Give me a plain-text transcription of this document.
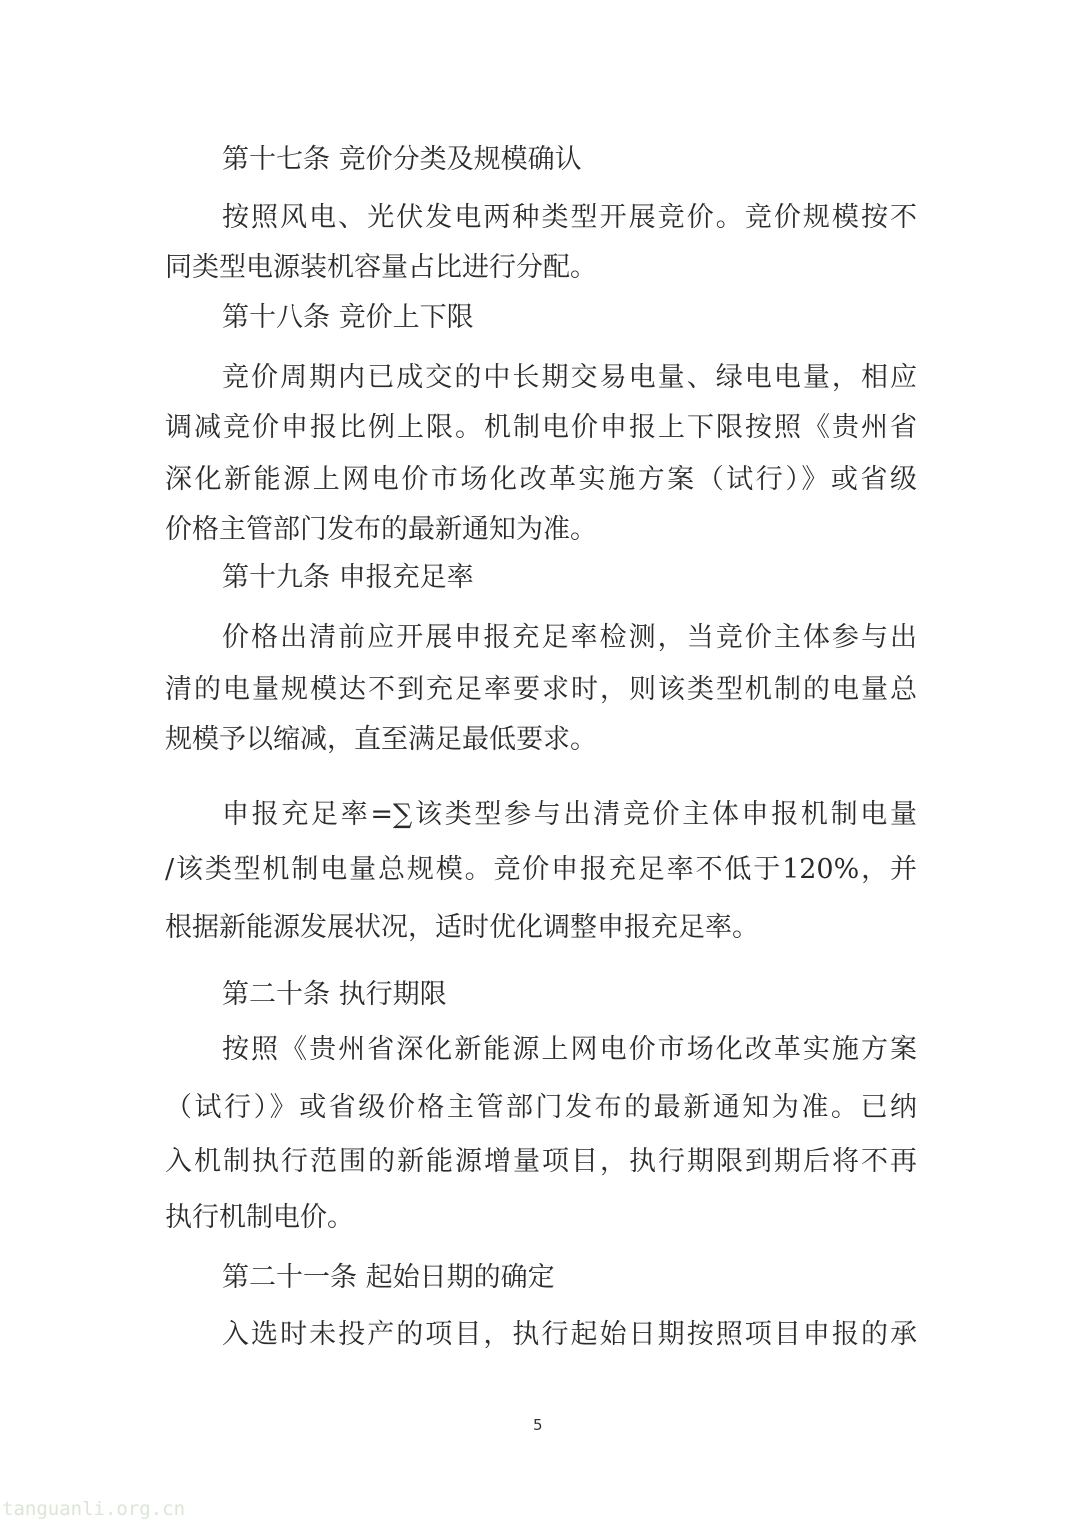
第十七条 竞价分类及规模确认
按照风电、光伏发电两种类型开展竞价。竞价规模按不
同类型电源装机容量占比进行分配。
第十八条 竞价上下限
竞价周期内已成交的中长期交易电量、绿电电量，相应
调减竞价申报比例上限。机制电价申报上下限按照《贵州省
深化新能源上网电价市场化改革实施方案（试行）》或省级
价格主管部门发布的最新通知为准。
第十九条 申报充足率
价格出清前应开展申报充足率检测，当竞价主体参与出
清的电量规模达不到充足率要求时，则该类型机制的电量总
规模予以缩减，直至满足最低要求。
申报充足率=∑该类型参与出清竞价主体申报机制电量
/该类型机制电量总规模。竞价申报充足率不低于120%，并
根据新能源发展状况，适时优化调整申报充足率。
第二十条 执行期限
按照《贵州省深化新能源上网电价市场化改革实施方案
（试行）》或省级价格主管部门发布的最新通知为准。已纳
入机制执行范围的新能源增量项目，执行期限到期后将不再
执行机制电价。
第二十一条 起始日期的确定
入选时未投产的项目，执行起始日期按照项目申报的承
5
tanguanli.org.cn
